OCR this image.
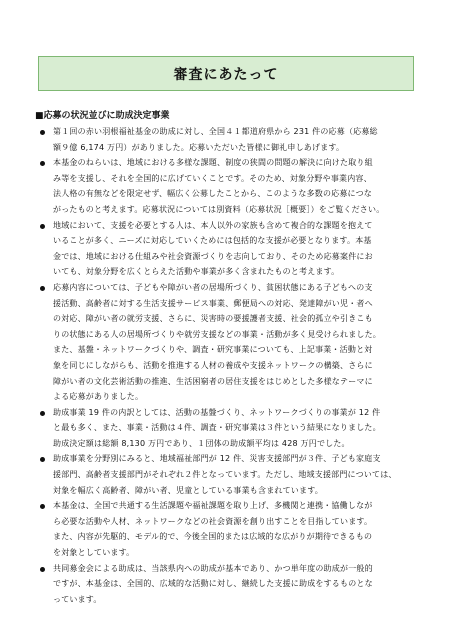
審査にあたって
■応募の状況並びに助成決定事業
第１回の赤い羽根福祉基金の助成に対し、全国４１都道府県から 231 件の応募（応募総
額９億 6,174 万円）がありました。応募いただいた皆様に御礼申しあげます。
本基金のねらいは、地域における多様な課題、制度の狭間の問題の解決に向けた取り組
み等を支援し、それを全国的に広げていくことです。そのため、対象分野や事業内容、
法人格の有無などを限定せず、幅広く公募したことから、このような多数の応募につな
がったものと考えます。応募状況については別資料（応募状況［概要］）をご覧ください。
地域において、支援を必要とする人は、本人以外の家族も含めて複合的な課題を抱えて
いることが多く、ニーズに対応していくためには包括的な支援が必要となります。本基
金では、地域における仕組みや社会資源づくりを志向しており、そのため応募案件にお
いても、対象分野を広くとらえた活動や事業が多く含まれたものと考えます。
応募内容については、子どもや障がい者の居場所づくり、貧困状態にある子どもへの支
援活動、高齢者に対する生活支援サービス事業、郵便局への対応、発達障がい児・者へ
の対応、障がい者の就労支援、さらに、災害時の要援護者支援、社会的孤立や引きこも
りの状態にある人の居場所づくりや就労支援などの事業・活動が多く見受けられました。
また、基盤・ネットワークづくりや、調査・研究事業についても、上記事業・活動と対
象を同じにしながらも、活動を推進する人材の養成や支援ネットワークの構築、さらに
障がい者の文化芸術活動の推進、生活困窮者の居住支援をはじめとした多様なテーマに
よる応募がありました。
助成事業 19 件の内訳としては、活動の基盤づくり、ネットワークづくりの事業が 12 件
と最も多く、また、事業・活動は４件、調査・研究事業は３件という結果になりました。
助成決定額は総額 8,130 万円であり、１団体の助成額平均は 428 万円でした。
助成事業を分野別にみると、地域福祉部門が 12 件、災害支援部門が３件、子ども家庭支
援部門、高齢者支援部門がそれぞれ２件となっています。ただし、地域支援部門については、
対象を幅広く高齢者、障がい者、児童としている事業も含まれています。
本基金は、全国で共通する生活課題や福祉課題を取り上げ、多機関と連携・協働しなが
ら必要な活動や人材、ネットワークなどの社会資源を創り出すことを目指しています。
また、内容が先駆的、モデル的で、今後全国的または広域的な広がりが期待できるもの
を対象としています。
共同募金会による助成は、当該県内への助成が基本であり、かつ単年度の助成が一般的
ですが、本基金は、全国的、広域的な活動に対し、継続した支援に助成をするものとな
っています。
